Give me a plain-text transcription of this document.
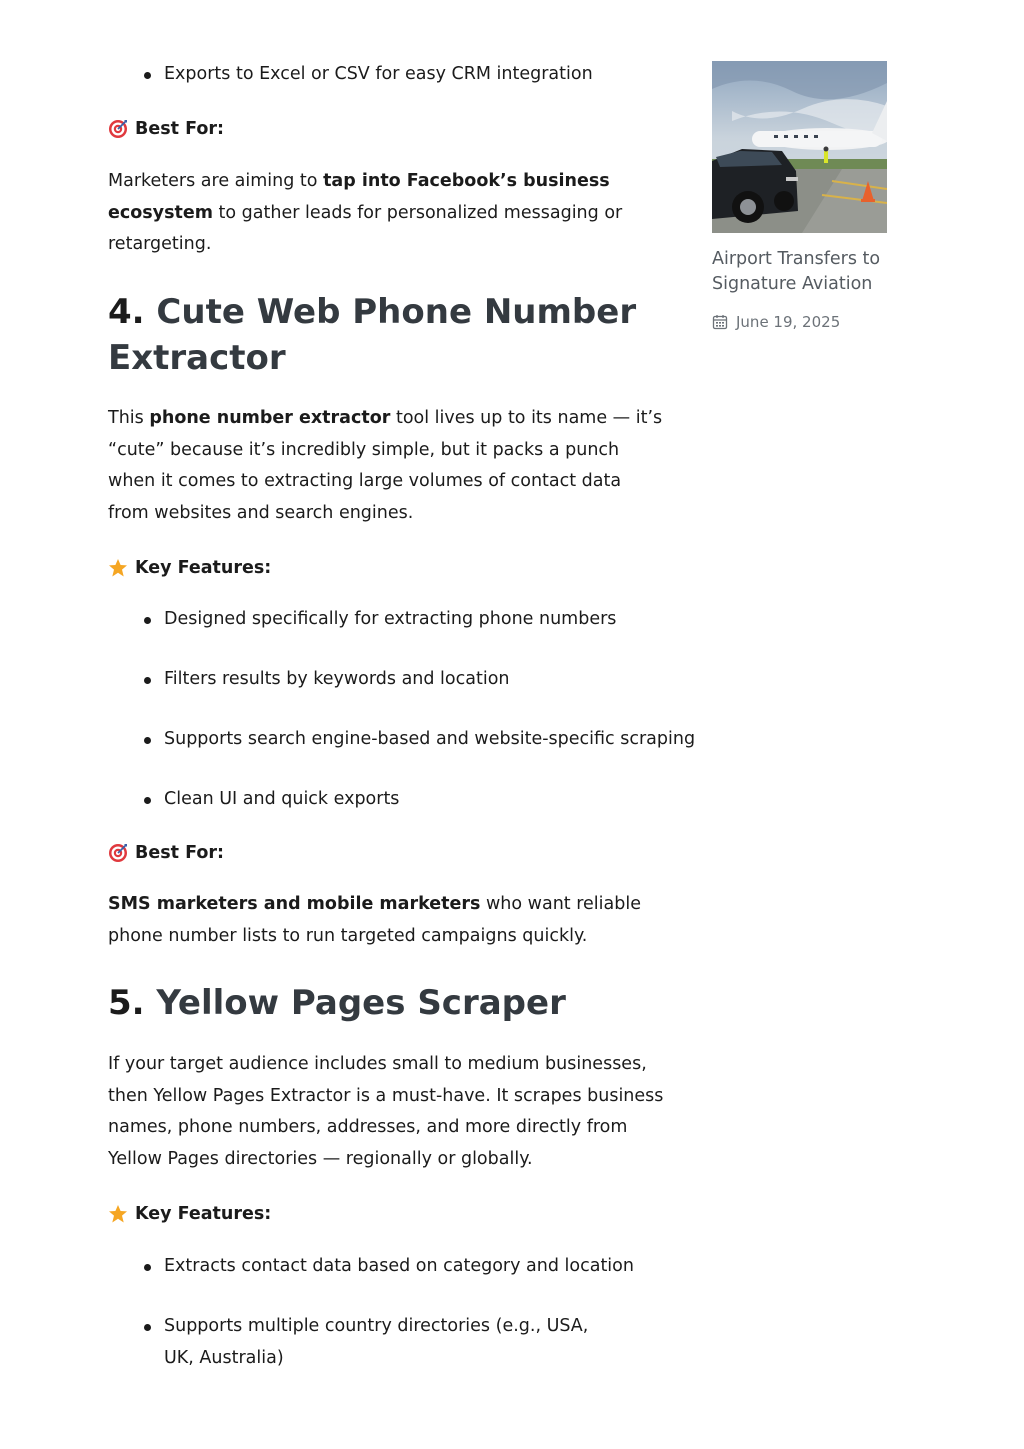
Exports to Excel or CSV for easy CRM integration

Best For:

Marketers are aiming to tap into Facebook’s business ecosystem to gather leads for personalized messaging or retargeting.

4. Cute Web Phone Number Extractor

This phone number extractor tool lives up to its name — it’s “cute” because it’s incredibly simple, but it packs a punch when it comes to extracting large volumes of contact data from websites and search engines.

Key Features:

Designed specifically for extracting phone numbers
Filters results by keywords and location
Supports search engine-based and website-specific scraping
Clean UI and quick exports

Best For:

SMS marketers and mobile marketers who want reliable phone number lists to run targeted campaigns quickly.

5. Yellow Pages Scraper

If your target audience includes small to medium businesses, then Yellow Pages Extractor is a must-have. It scrapes business names, phone numbers, addresses, and more directly from Yellow Pages directories — regionally or globally.

Key Features:

Extracts contact data based on category and location
Supports multiple country directories (e.g., USA, UK, Australia)

Airport Transfers to Signature Aviation

June 19, 2025
